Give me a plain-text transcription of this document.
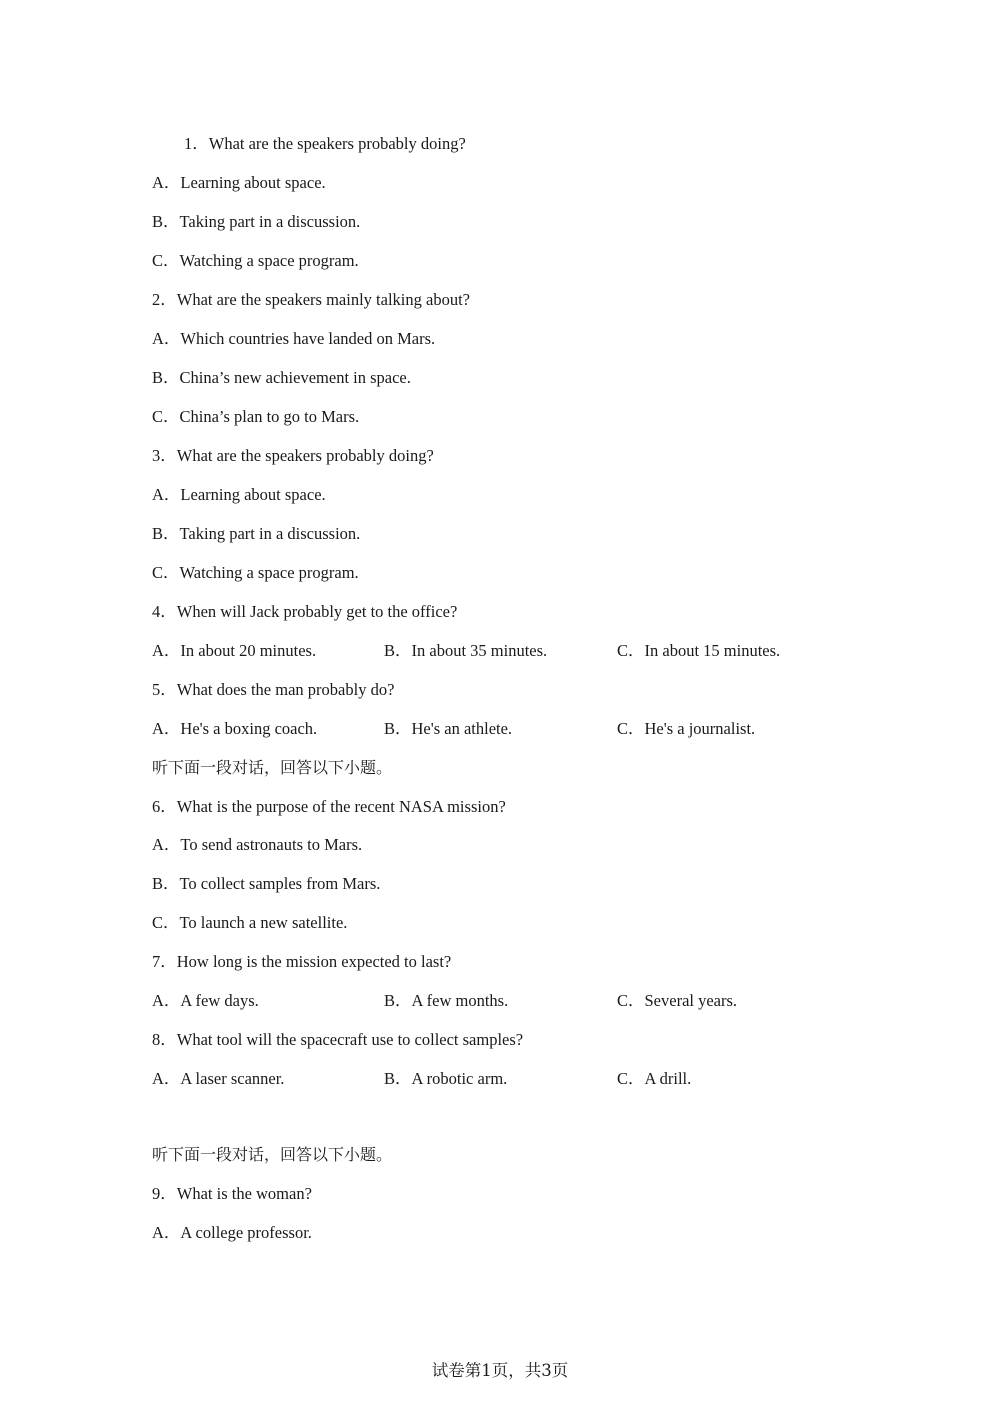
1．What are the speakers probably doing?
A．Learning about space.
B．Taking part in a discussion.
C．Watching a space program.
2．What are the speakers mainly talking about?
A．Which countries have landed on Mars.
B．China’s new achievement in space.
C．China’s plan to go to Mars.
3．What are the speakers probably doing?
A．Learning about space.
B．Taking part in a discussion.
C．Watching a space program.
4．When will Jack probably get to the office?
A．In about 20 minutes.	B．In about 35 minutes.	C．In about 15 minutes.
5．What does the man probably do?
A．He's a boxing coach.	B．He's an athlete.	C．He's a journalist.
听下面一段对话，回答以下小题。
6．What is the purpose of the recent NASA mission?
A．To send astronauts to Mars.
B．To collect samples from Mars.
C．To launch a new satellite.
7．How long is the mission expected to last?
A．A few days.	B．A few months.	C．Several years.
8．What tool will the spacecraft use to collect samples?
A．A laser scanner.	B．A robotic arm.	C．A drill.
听下面一段对话，回答以下小题。
9．What is the woman?
A．A college professor.
试卷第1页，共3页
